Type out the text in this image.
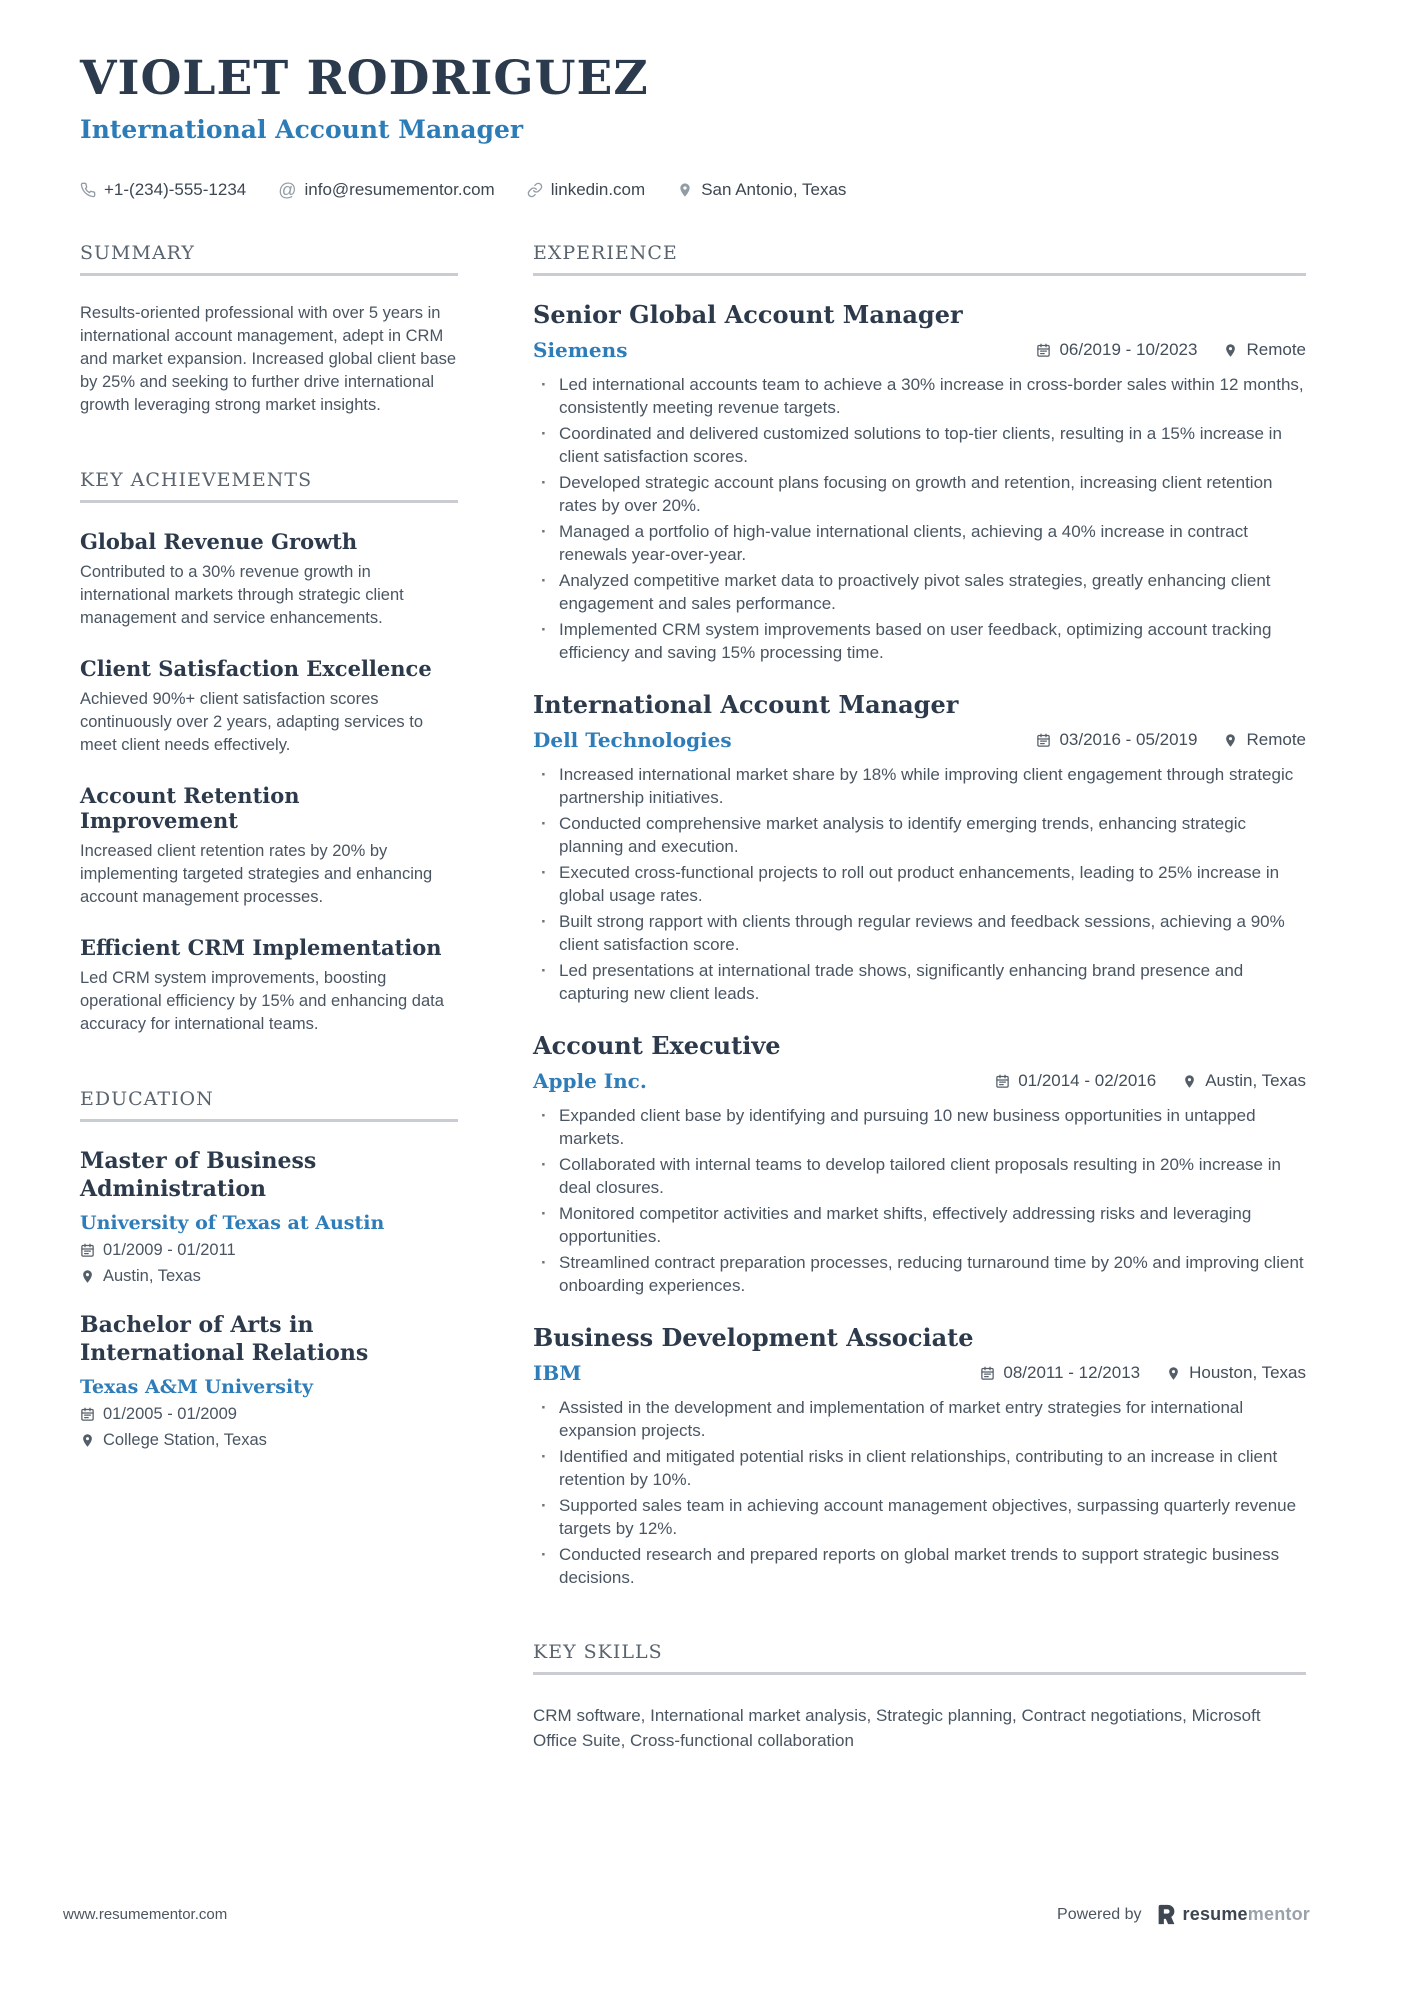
VIOLET RODRIGUEZ
International Account Manager
+1-(234)-555-1234 @ info@resumementor.com	linkedin.com	San Antonio, Texas
SUMMARY

Results-oriented professional with over 5 years in international account management, adept in CRM and market expansion. Increased global client base by 25% and seeking to further drive international growth leveraging strong market insights.

KEY ACHIEVEMENTS
Global Revenue Growth

Contributed to a 30% revenue growth in international markets through strategic client management and service enhancements.

Client Satisfaction Excellence

Achieved 90%+ client satisfaction scores continuously over 2 years, adapting services to meet client needs effectively.

Account Retention Improvement

Increased client retention rates by 20% by implementing targeted strategies and enhancing account management processes.

Efficient CRM Implementation

Led CRM system improvements, boosting operational efficiency by 15% and enhancing data accuracy for international teams.

EDUCATION
Master of Business Administration
University of Texas at Austin
01/2009 - 01/2011
Austin, Texas
Bachelor of Arts in International Relations
Texas A&M University
01/2005 - 01/2009
College Station, Texas
EXPERIENCE
Senior Global Account Manager
Siemens	06/2019 - 10/2023	Remote
· Led international accounts team to achieve a 30% increase in cross-border sales within 12 months, consistently meeting revenue targets.
· Coordinated and delivered customized solutions to top-tier clients, resulting in a 15% increase in client satisfaction scores.
· Developed strategic account plans focusing on growth and retention, increasing client retention rates by over 20%.
· Managed a portfolio of high-value international clients, achieving a 40% increase in contract renewals year-over-year.
· Analyzed competitive market data to proactively pivot sales strategies, greatly enhancing client engagement and sales performance.
· Implemented CRM system improvements based on user feedback, optimizing account tracking efficiency and saving 15% processing time.
International Account Manager
Dell Technologies	03/2016 - 05/2019	Remote
· Increased international market share by 18% while improving client engagement through strategic partnership initiatives.
· Conducted comprehensive market analysis to identify emerging trends, enhancing strategic planning and execution.
· Executed cross-functional projects to roll out product enhancements, leading to 25% increase in global usage rates.
· Built strong rapport with clients through regular reviews and feedback sessions, achieving a 90% client satisfaction score.
· Led presentations at international trade shows, significantly enhancing brand presence and capturing new client leads.
Account Executive
Apple Inc.	01/2014 - 02/2016	Austin, Texas
· Expanded client base by identifying and pursuing 10 new business opportunities in untapped markets.
· Collaborated with internal teams to develop tailored client proposals resulting in 20% increase in deal closures.
· Monitored competitor activities and market shifts, effectively addressing risks and leveraging opportunities.
· Streamlined contract preparation processes, reducing turnaround time by 20% and improving client onboarding experiences.
Business Development Associate
IBM	08/2011 - 12/2013	Houston, Texas
· Assisted in the development and implementation of market entry strategies for international expansion projects.
· Identified and mitigated potential risks in client relationships, contributing to an increase in client retention by 10%.
· Supported sales team in achieving account management objectives, surpassing quarterly revenue targets by 12%.
· Conducted research and prepared reports on global market trends to support strategic business decisions.
KEY SKILLS

CRM software, International market analysis, Strategic planning, Contract negotiations, Microsoft Office Suite, Cross-functional collaboration

www.resumementor.com	Powered by resumementor
